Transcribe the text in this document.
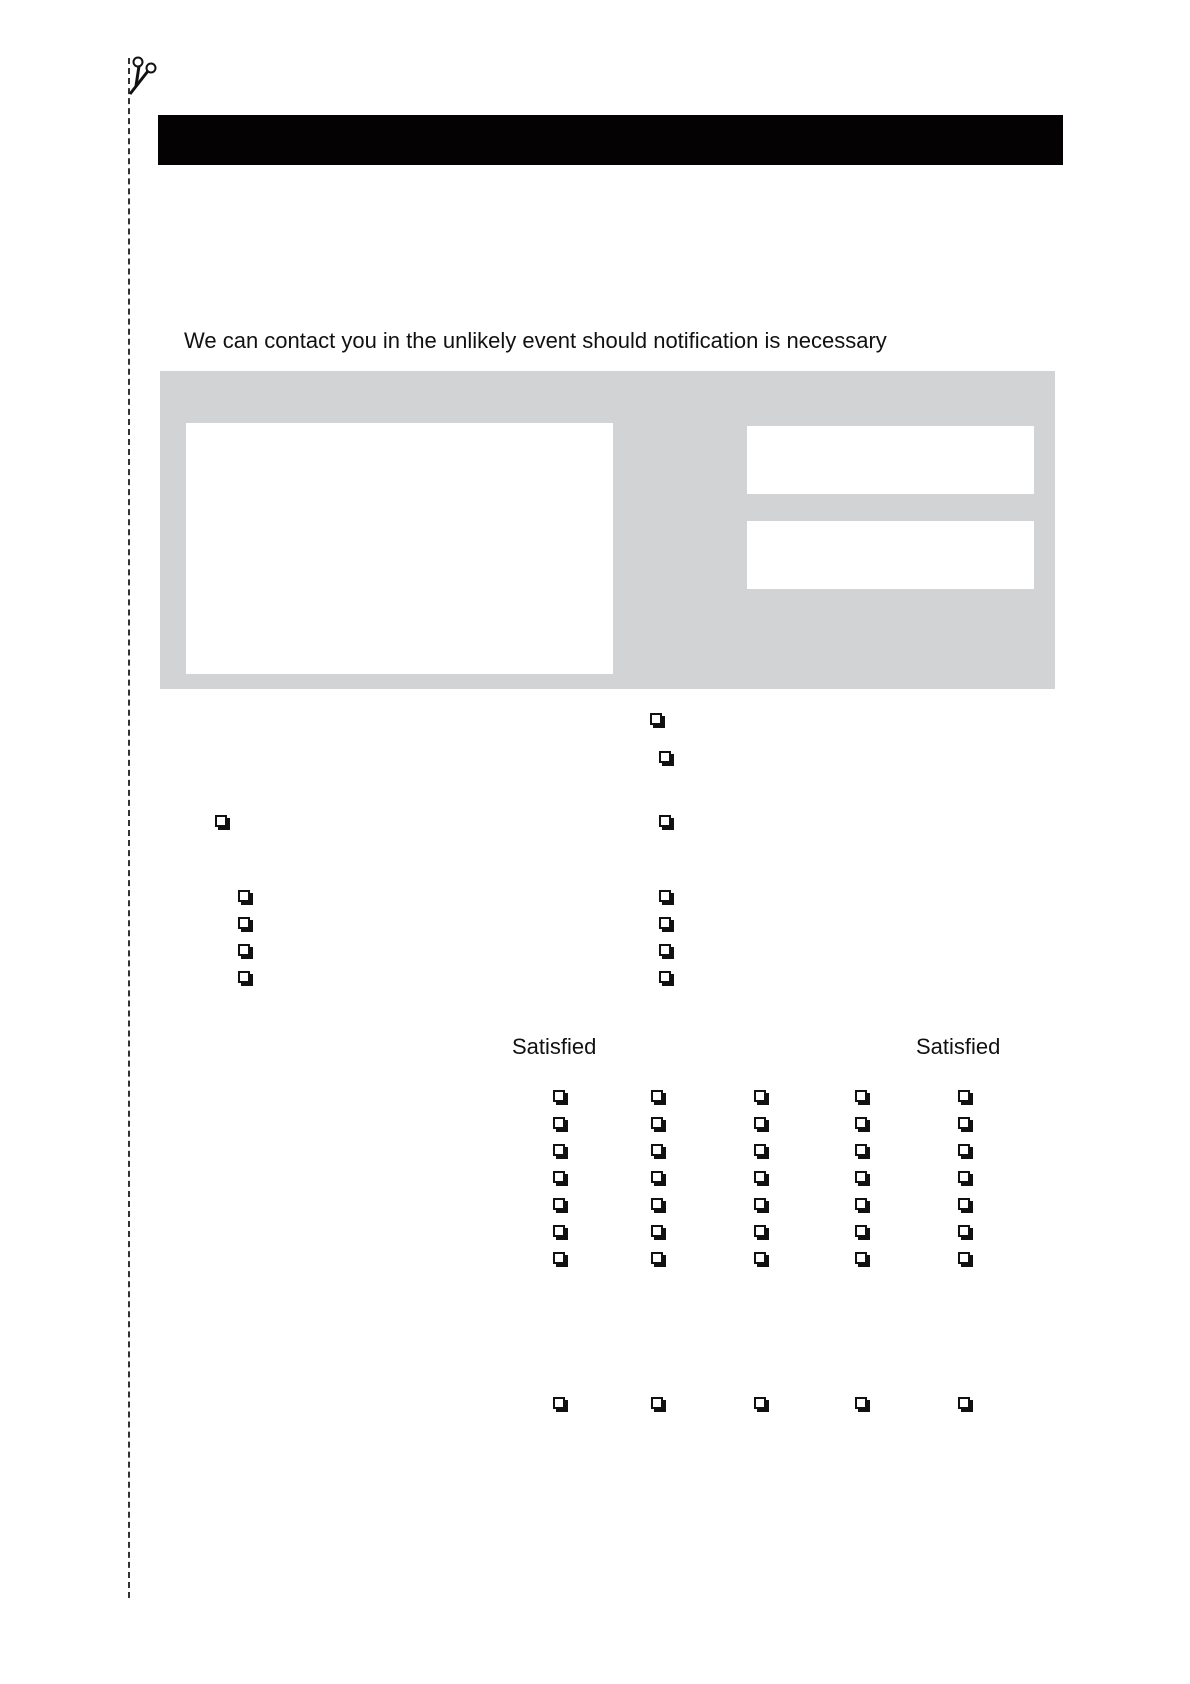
We can contact you in the unlikely event should notification is necessary
Satisfied	Satisfied
